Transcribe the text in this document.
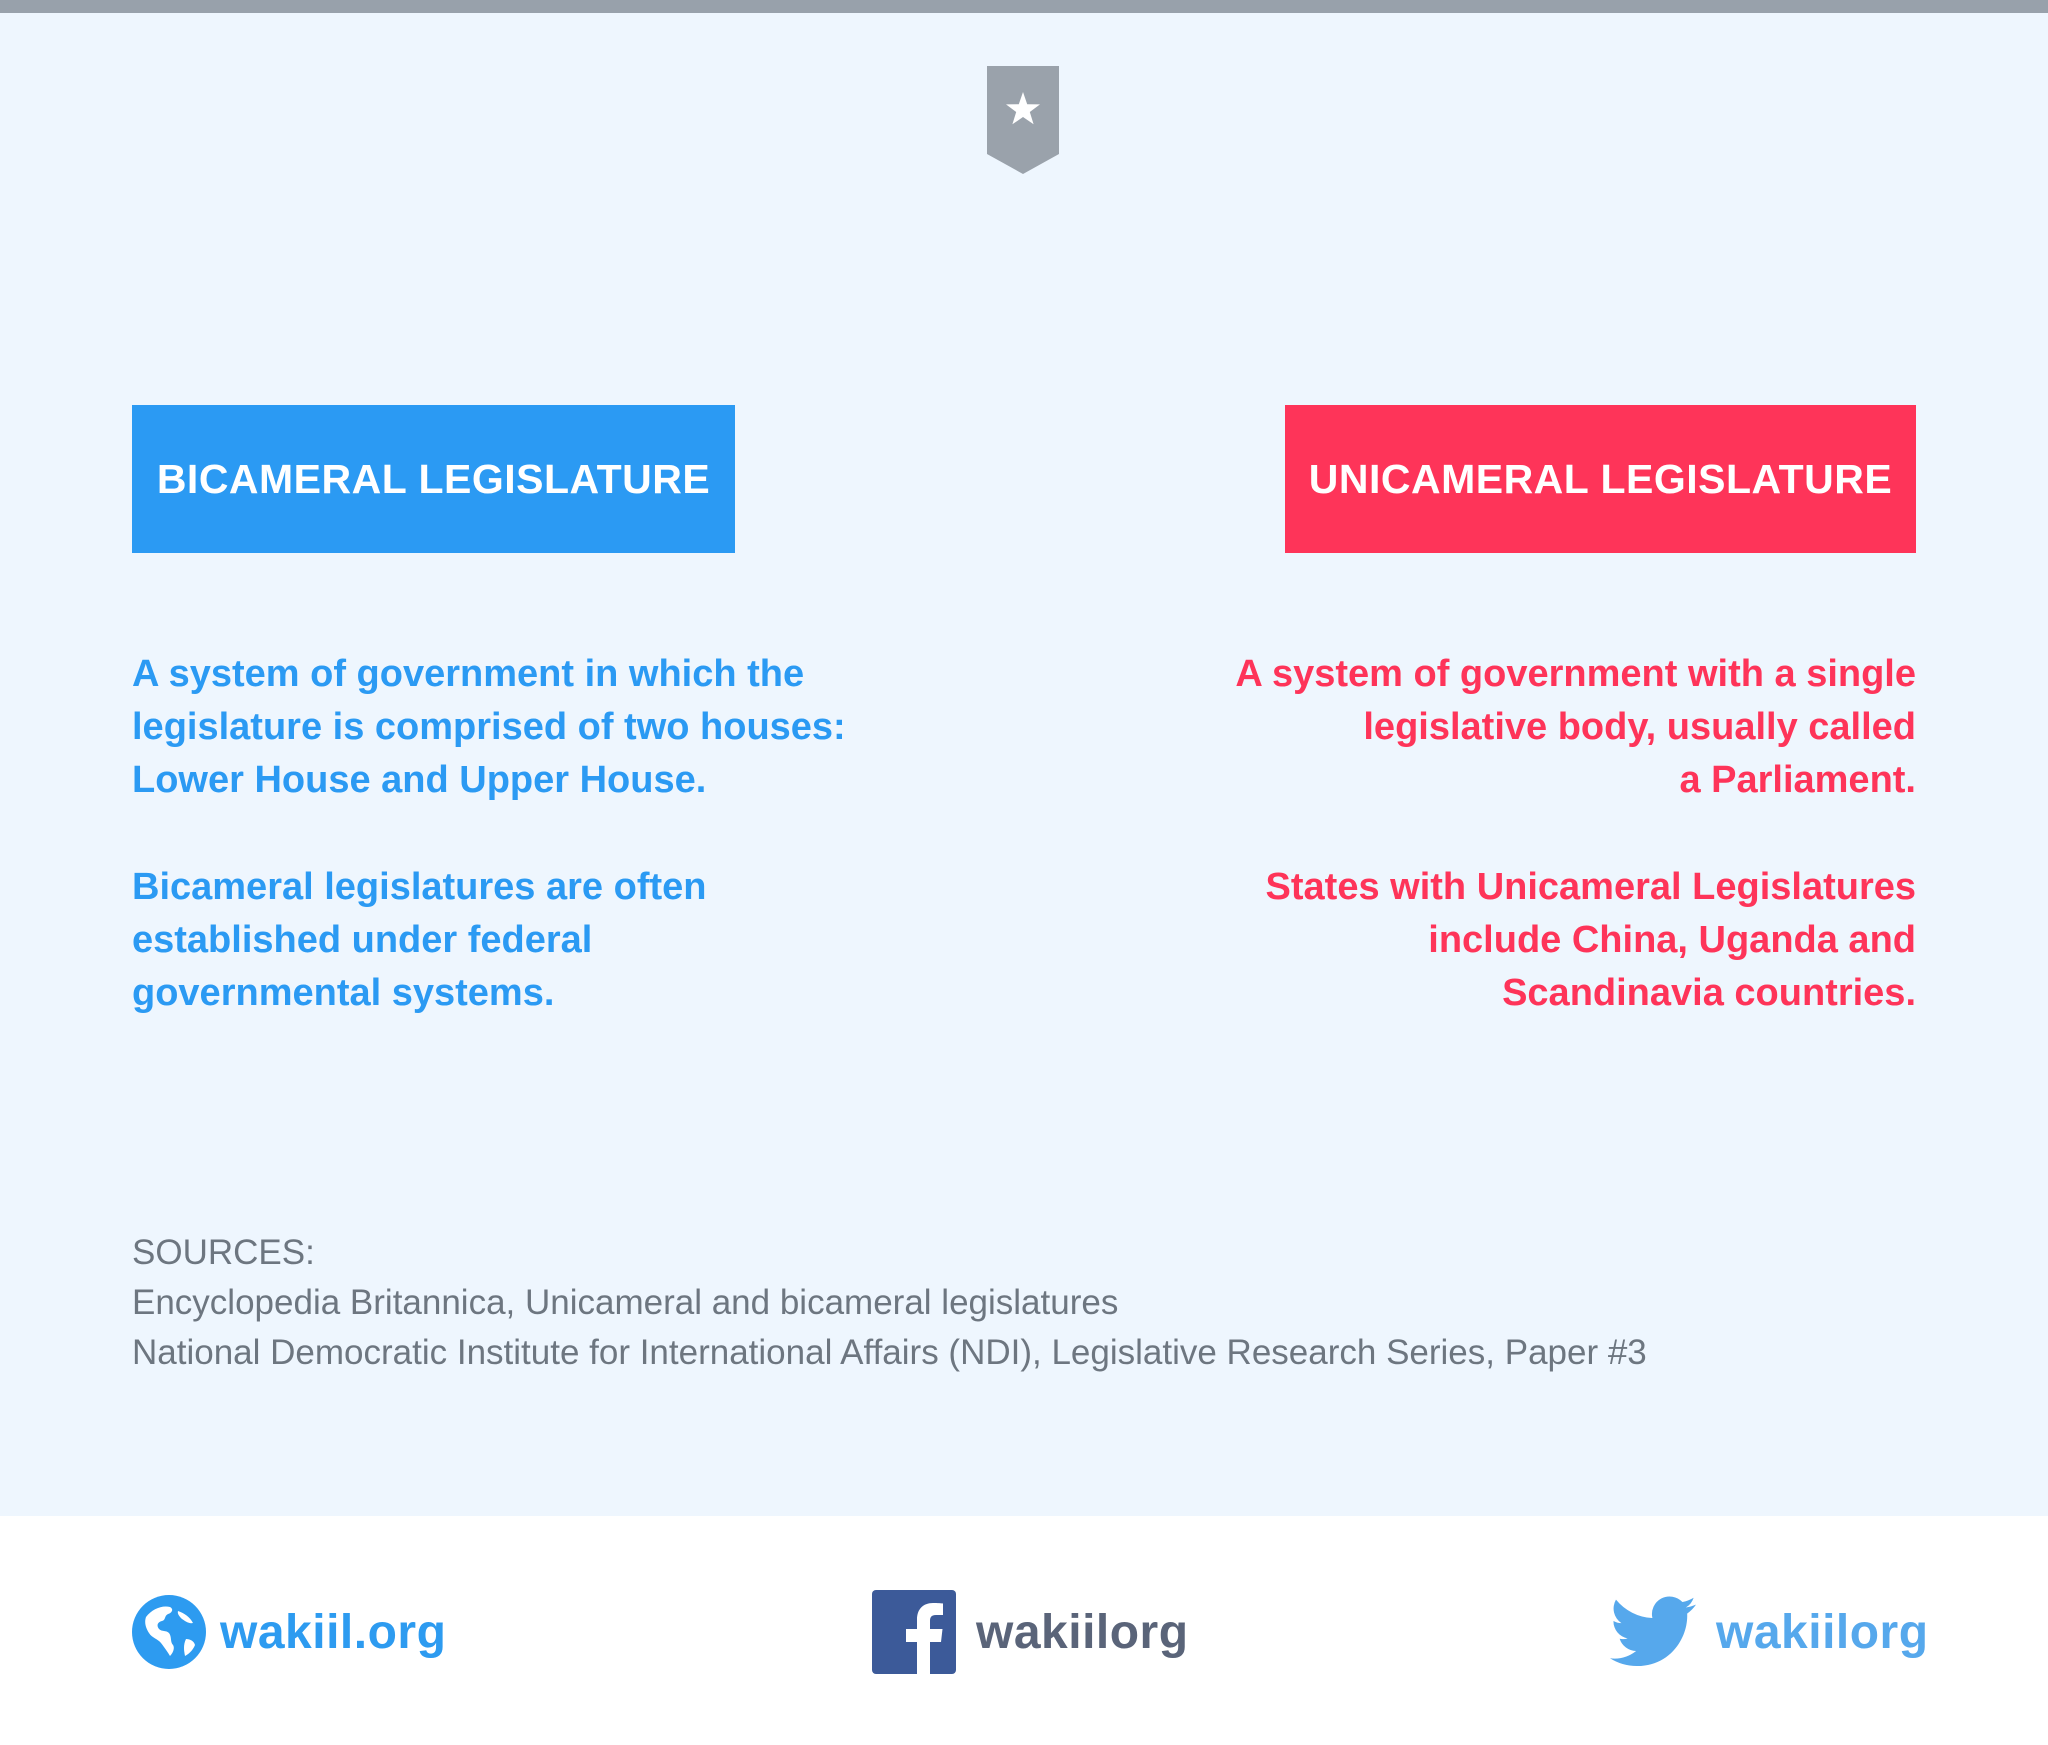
BICAMERAL LEGISLATURE	UNICAMERAL LEGISLATURE

A system of government in which the
legislature is comprised of two houses:
Lower House and Upper House.

Bicameral legislatures are often
established under federal
governmental systems.

A system of government with a single
legislative body, usually called
a Parliament.

States with Unicameral Legislatures
include China, Uganda and
Scandinavia countries.

SOURCES:
Encyclopedia Britannica, Unicameral and bicameral legislatures
National Democratic Institute for International Affairs (NDI), Legislative Research Series, Paper #3
wakiil.org	wakiilorg	wakiilorg
